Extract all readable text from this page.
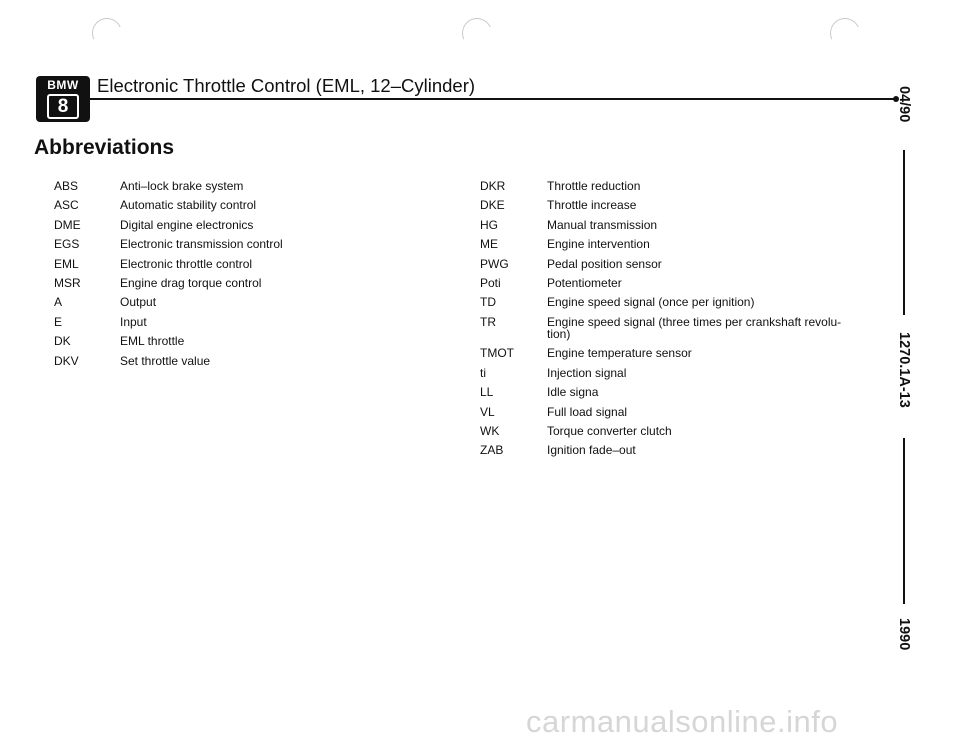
BMW
8
Electronic Throttle Control (EML, 12–Cylinder)
Abbreviations
ABS	Anti–lock brake system
ASC	Automatic stability control
DME	Digital engine electronics
EGS	Electronic transmission control
EML	Electronic throttle control
MSR	Engine drag torque control
A	Output
E	Input
DK	EML throttle
DKV	Set throttle value
DKR	Throttle reduction
DKE	Throttle increase
HG	Manual transmission
ME	Engine intervention
PWG	Pedal position sensor
Poti	Potentiometer
TD	Engine speed signal (once per ignition)
TR	Engine speed signal (three times per crankshaft revolu- tion)
TMOT	Engine temperature sensor
ti	Injection signal
LL	Idle signa
VL	Full load signal
WK	Torque converter clutch
ZAB	Ignition fade–out
04/90
1270.1A-13
1990
carmanualsonline.info
